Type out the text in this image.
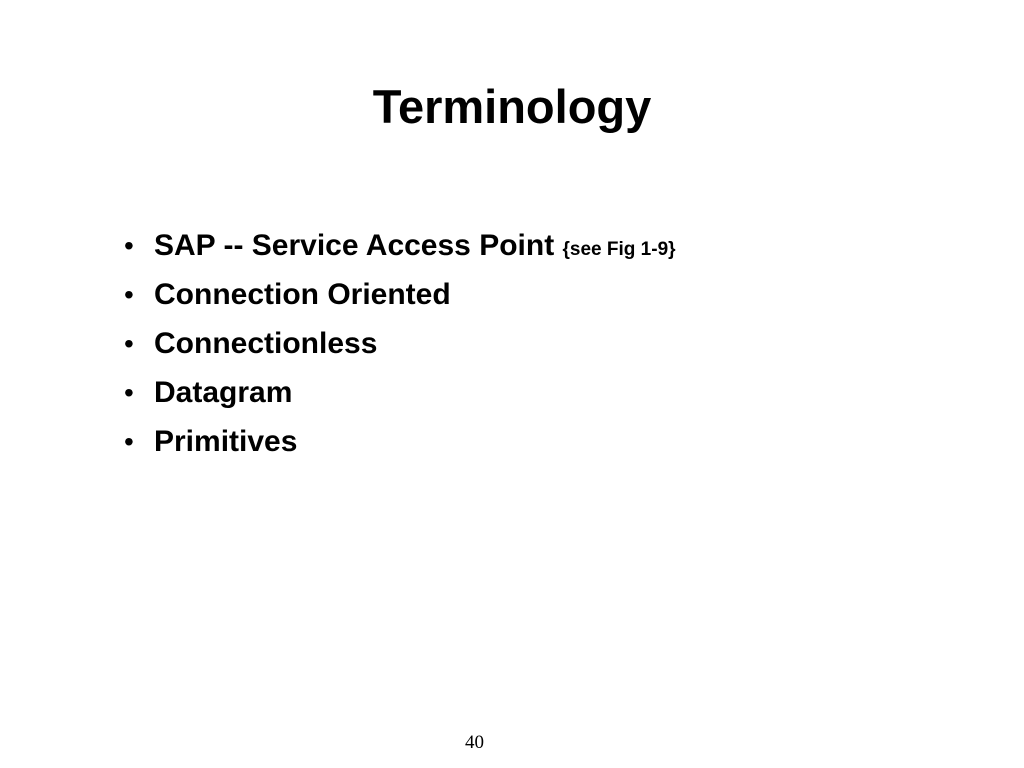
Terminology
• SAP -- Service Access Point {see Fig 1-9}
• Connection Oriented
• Connectionless
• Datagram
• Primitives
40
